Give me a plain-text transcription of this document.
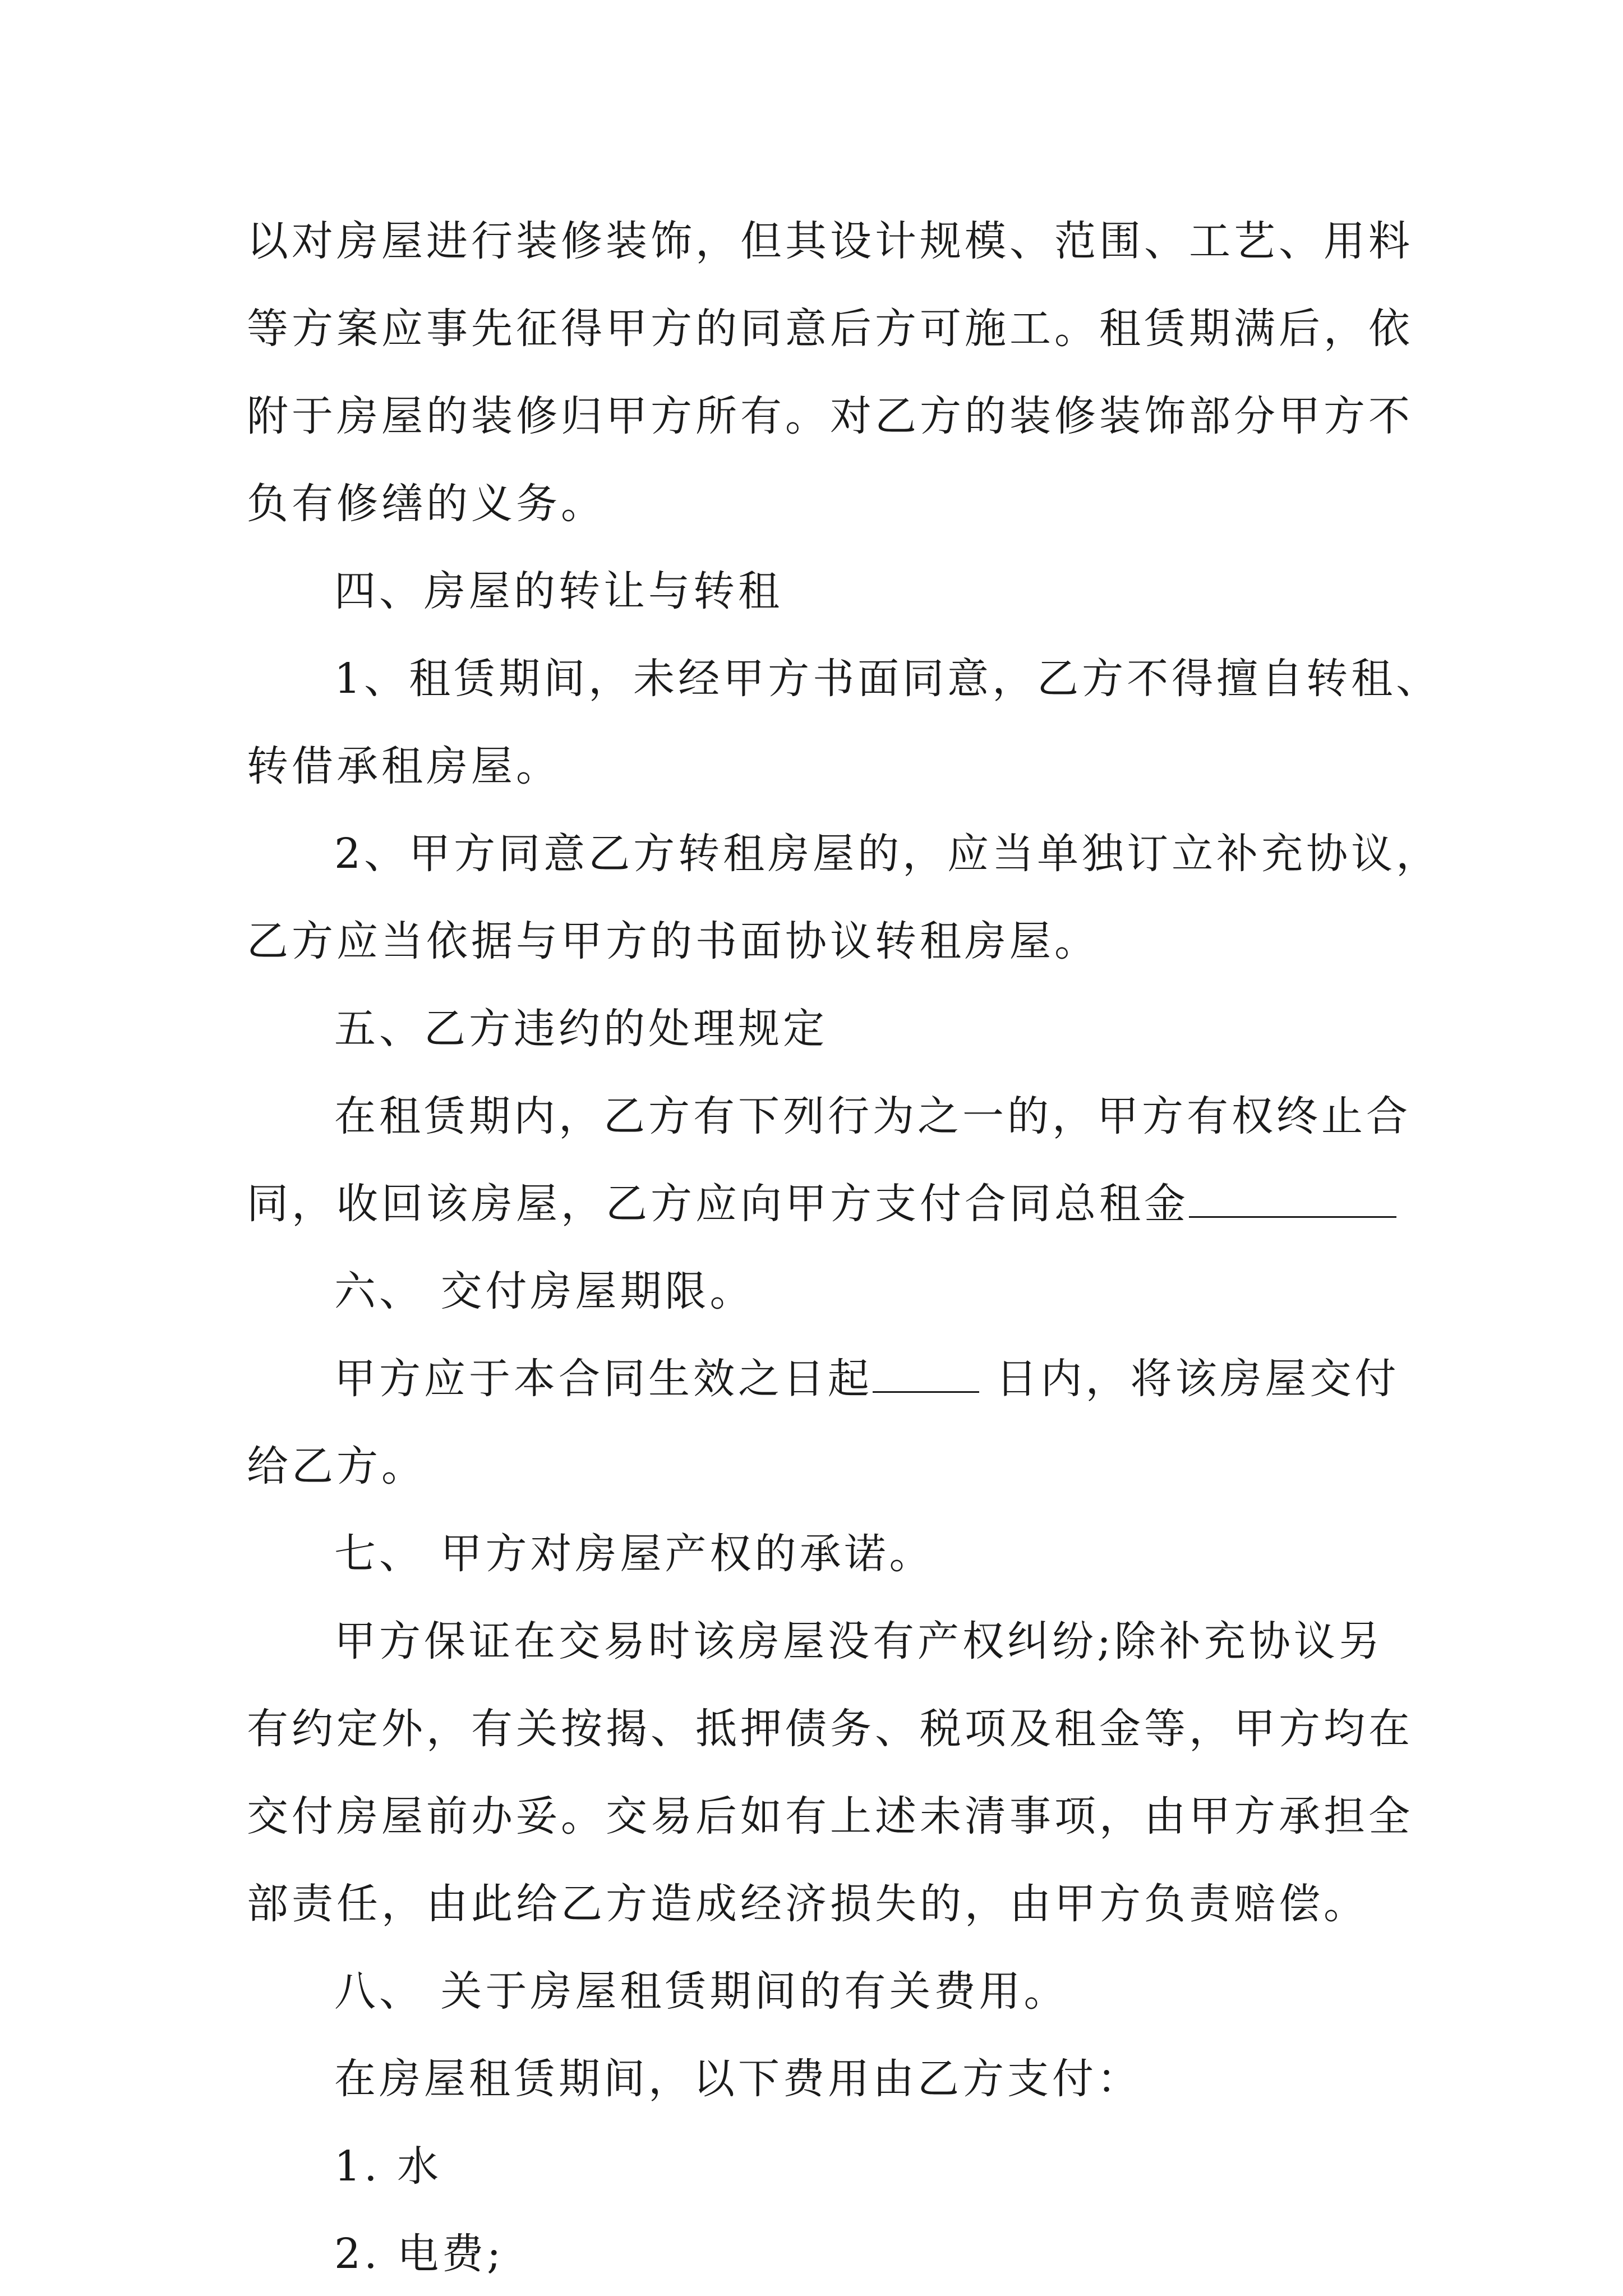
以对房屋进行装修装饰，但其设计规模、范围、工艺、用料
等方案应事先征得甲方的同意后方可施工。租赁期满后，依
附于房屋的装修归甲方所有。对乙方的装修装饰部分甲方不
负有修缮的义务。
四、房屋的转让与转租
1、租赁期间，未经甲方书面同意，乙方不得擅自转租、
转借承租房屋。
2、甲方同意乙方转租房屋的，应当单独订立补充协议，
乙方应当依据与甲方的书面协议转租房屋。
五、乙方违约的处理规定
在租赁期内，乙方有下列行为之一的，甲方有权终止合
同，收回该房屋，乙方应向甲方支付合同总租金
六、 交付房屋期限。
甲方应于本合同生效之日起	日内，将该房屋交付
给乙方。
七、 甲方对房屋产权的承诺。
甲方保证在交易时该房屋没有产权纠纷;除补充协议另
有约定外，有关按揭、抵押债务、税项及租金等，甲方均在
交付房屋前办妥。交易后如有上述未清事项，由甲方承担全
部责任，由此给乙方造成经济损失的，由甲方负责赔偿。
八、 关于房屋租赁期间的有关费用。
在房屋租赁期间，以下费用由乙方支付：
1. 水
2. 电费;
